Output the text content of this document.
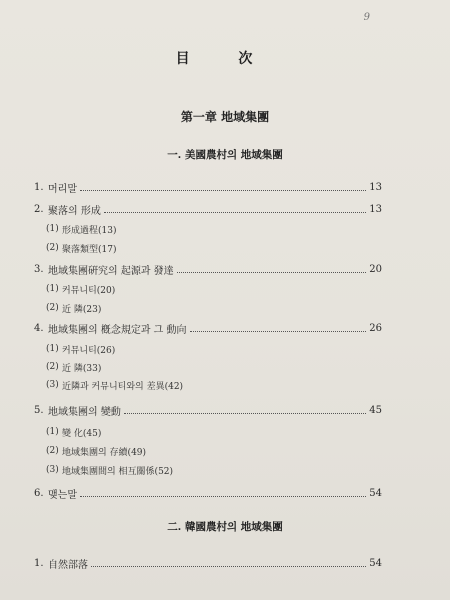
9
目 次
第一章 地域集團
一. 美國農村의 地域集團
1. 머리말	13
2. 聚落의 形成	13
(1) 形成過程(13)
(2) 聚落類型(17)
3. 地域集團硏究의 起源과 發達	20
(1) 커뮤니티(20)
(2) 近 隣(23)
4. 地域集團의 槪念規定과 그 動向	26
(1) 커뮤니티(26)
(2) 近 隣(33)
(3) 近隣과 커뮤니티와의 差異(42)
5. 地域集團의 變動	45
(1) 變 化(45)
(2) 地域集團의 存續(49)
(3) 地域集團間의 相互關係(52)
6. 맺는말	54
二. 韓國農村의 地域集團
1. 自然部落	54
